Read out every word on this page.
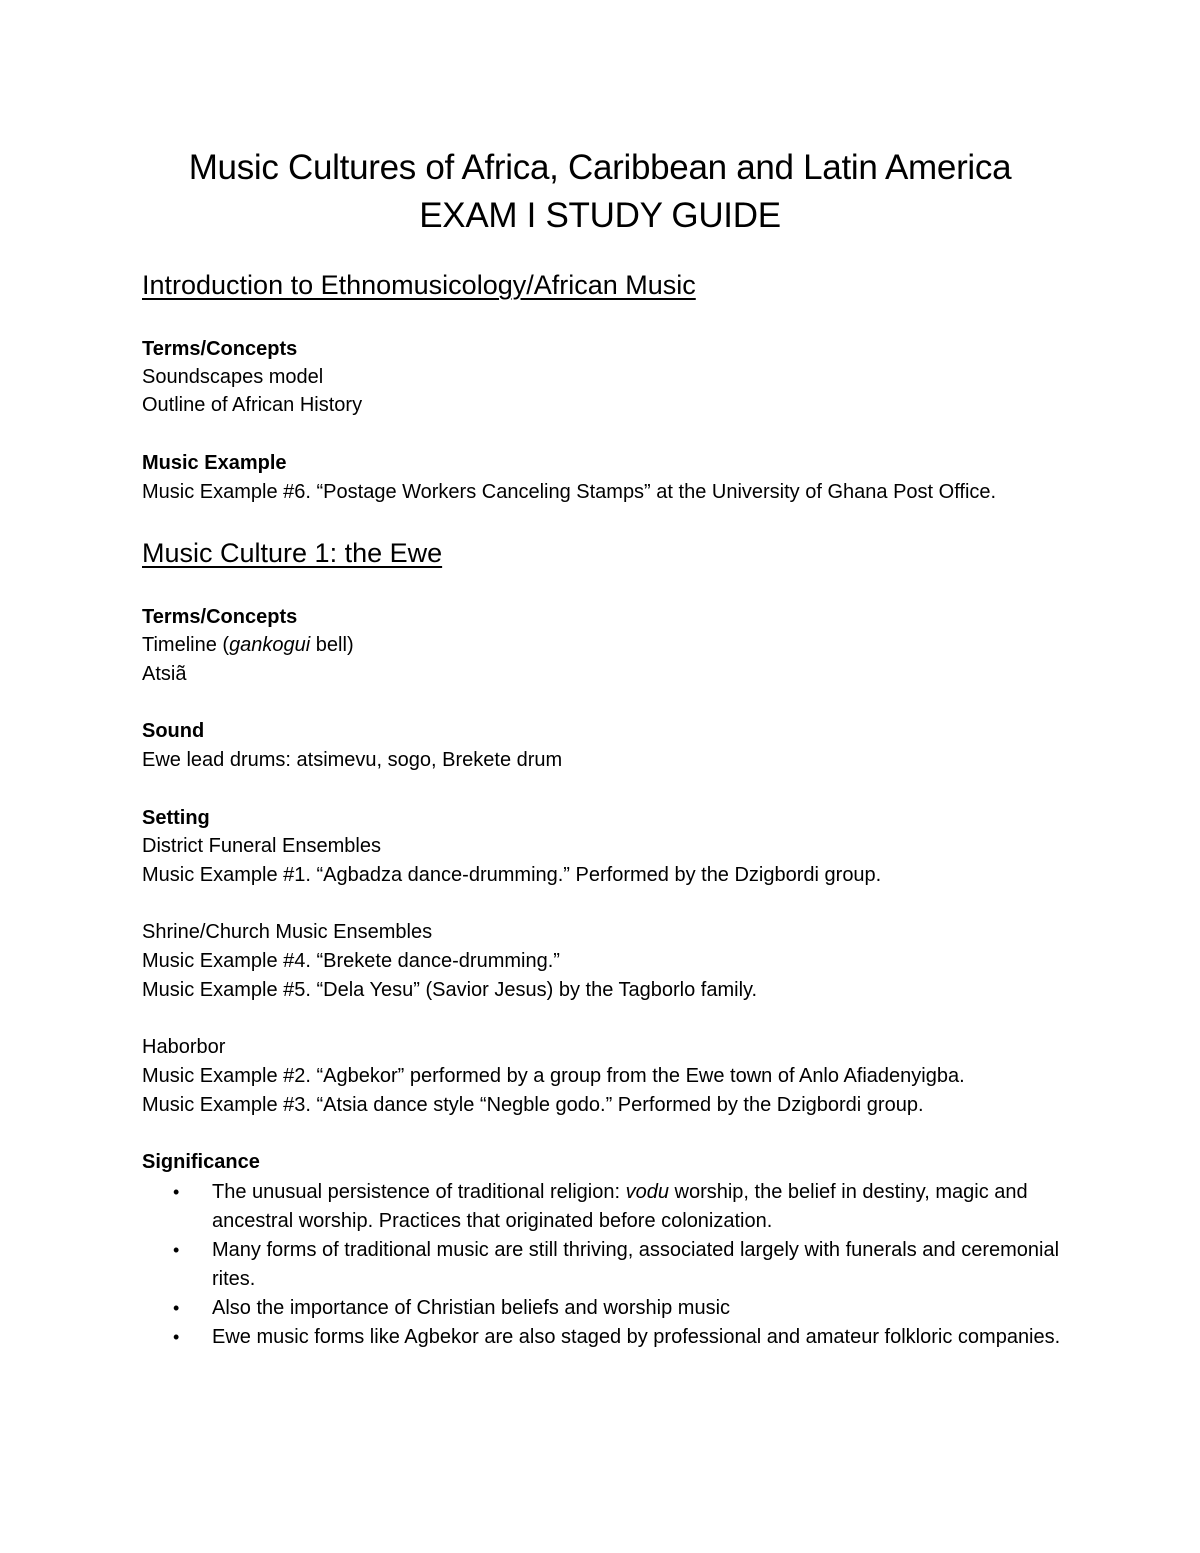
Music Cultures of Africa, Caribbean and Latin America
EXAM I STUDY GUIDE
Introduction to Ethnomusicology/African Music
Terms/Concepts
Soundscapes model
Outline of African History
Music Example
Music Example #6. “Postage Workers Canceling Stamps” at the University of Ghana Post Office.
Music Culture 1: the Ewe
Terms/Concepts
Timeline (gankogui bell)
Atsiã
Sound
Ewe lead drums: atsimevu, sogo, Brekete drum
Setting
District Funeral Ensembles
Music Example #1. “Agbadza dance-drumming.” Performed by the Dzigbordi group.
Shrine/Church Music Ensembles
Music Example #4. “Brekete dance-drumming.”
Music Example #5. “Dela Yesu” (Savior Jesus) by the Tagborlo family.
Haborbor
Music Example #2. “Agbekor” performed by a group from the Ewe town of Anlo Afiadenyigba.
Music Example #3. “Atsia dance style “Negble godo.” Performed by the Dzigbordi group.
Significance
• The unusual persistence of traditional religion: vodu worship, the belief in destiny, magic and ancestral worship. Practices that originated before colonization.
• Many forms of traditional music are still thriving, associated largely with funerals and ceremonial rites.
• Also the importance of Christian beliefs and worship music
• Ewe music forms like Agbekor are also staged by professional and amateur folkloric companies.
